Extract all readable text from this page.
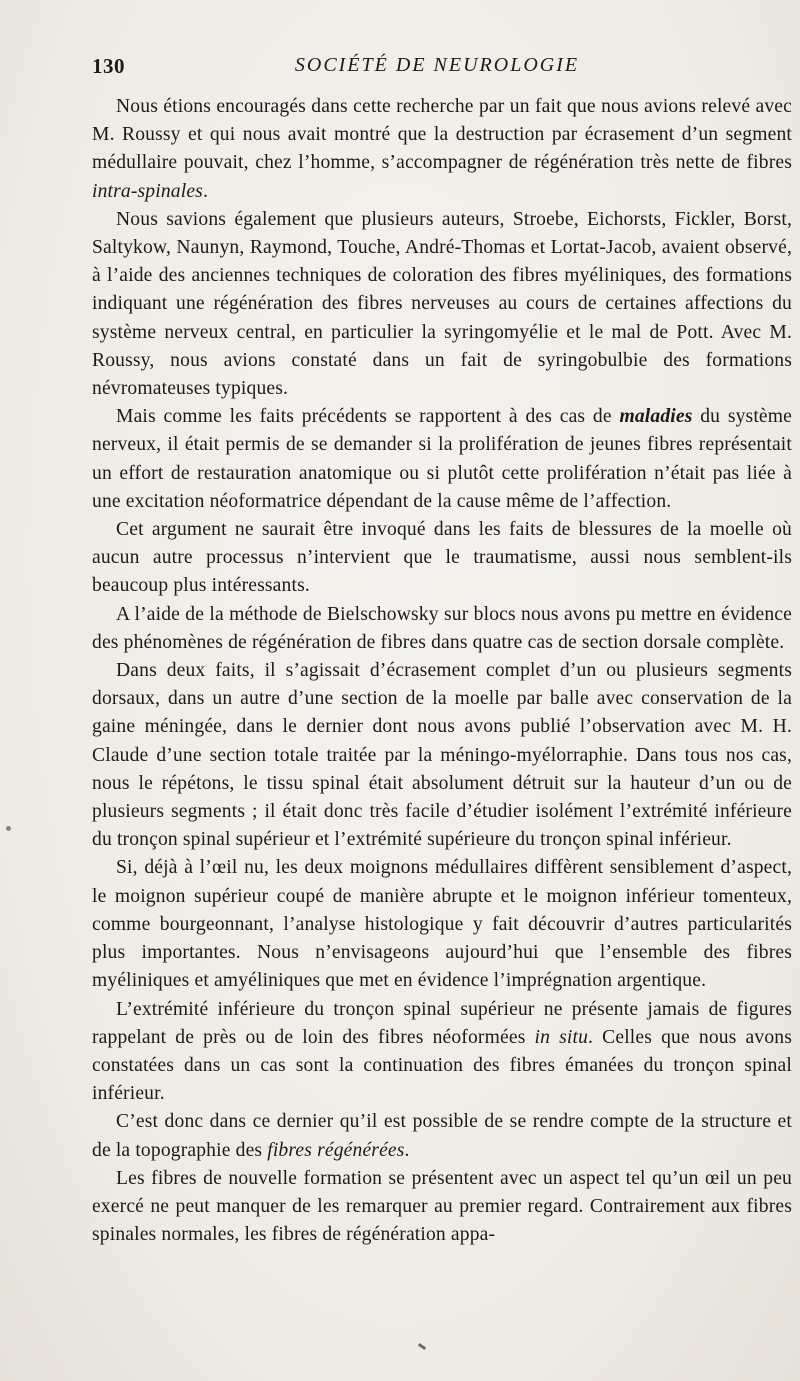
130	SOCIÉTÉ DE NEUROLOGIE

Nous étions encouragés dans cette recherche par un fait que nous avions relevé avec M. Roussy et qui nous avait montré que la destruction par écrasement d’un segment médullaire pouvait, chez l’homme, s’accompagner de régénération très nette de fibres intra-spinales.

Nous savions également que plusieurs auteurs, Stroebe, Eichorsts, Fickler, Borst, Saltykow, Naunyn, Raymond, Touche, André-Thomas et Lortat-Jacob, avaient observé, à l’aide des anciennes techniques de coloration des fibres myéliniques, des formations indiquant une régénération des fibres nerveuses au cours de certaines affections du système nerveux central, en particulier la syringomyélie et le mal de Pott. Avec M. Roussy, nous avions constaté dans un fait de syringobulbie des formations névromateuses typiques.

Mais comme les faits précédents se rapportent à des cas de maladies du système nerveux, il était permis de se demander si la prolifération de jeunes fibres représentait un effort de restauration anatomique ou si plutôt cette prolifération n’était pas liée à une excitation néoformatrice dépendant de la cause même de l’affection.

Cet argument ne saurait être invoqué dans les faits de blessures de la moelle où aucun autre processus n’intervient que le traumatisme, aussi nous semblent-ils beaucoup plus intéressants.

A l’aide de la méthode de Bielschowsky sur blocs nous avons pu mettre en évidence des phénomènes de régénération de fibres dans quatre cas de section dorsale complète.

Dans deux faits, il s’agissait d’écrasement complet d’un ou plusieurs segments dorsaux, dans un autre d’une section de la moelle par balle avec conservation de la gaine méningée, dans le dernier dont nous avons publié l’observation avec M. H. Claude d’une section totale traitée par la méningo-myélorraphie. Dans tous nos cas, nous le répétons, le tissu spinal était absolument détruit sur la hauteur d’un ou de plusieurs segments ; il était donc très facile d’étudier isolément l’extrémité inférieure du tronçon spinal supérieur et l’extrémité supérieure du tronçon spinal inférieur.

Si, déjà à l’œil nu, les deux moignons médullaires diffèrent sensiblement d’aspect, le moignon supérieur coupé de manière abrupte et le moignon inférieur tomenteux, comme bourgeonnant, l’analyse histologique y fait découvrir d’autres particularités plus importantes. Nous n’envisageons aujourd’hui que l’ensemble des fibres myéliniques et amyéliniques que met en évidence l’imprégnation argentique.

L’extrémité inférieure du tronçon spinal supérieur ne présente jamais de figures rappelant de près ou de loin des fibres néoformées in situ. Celles que nous avons constatées dans un cas sont la continuation des fibres émanées du tronçon spinal inférieur.

C’est donc dans ce dernier qu’il est possible de se rendre compte de la structure et de la topographie des fibres régénérées.

Les fibres de nouvelle formation se présentent avec un aspect tel qu’un œil un peu exercé ne peut manquer de les remarquer au premier regard. Contrairement aux fibres spinales normales, les fibres de régénération appa-
